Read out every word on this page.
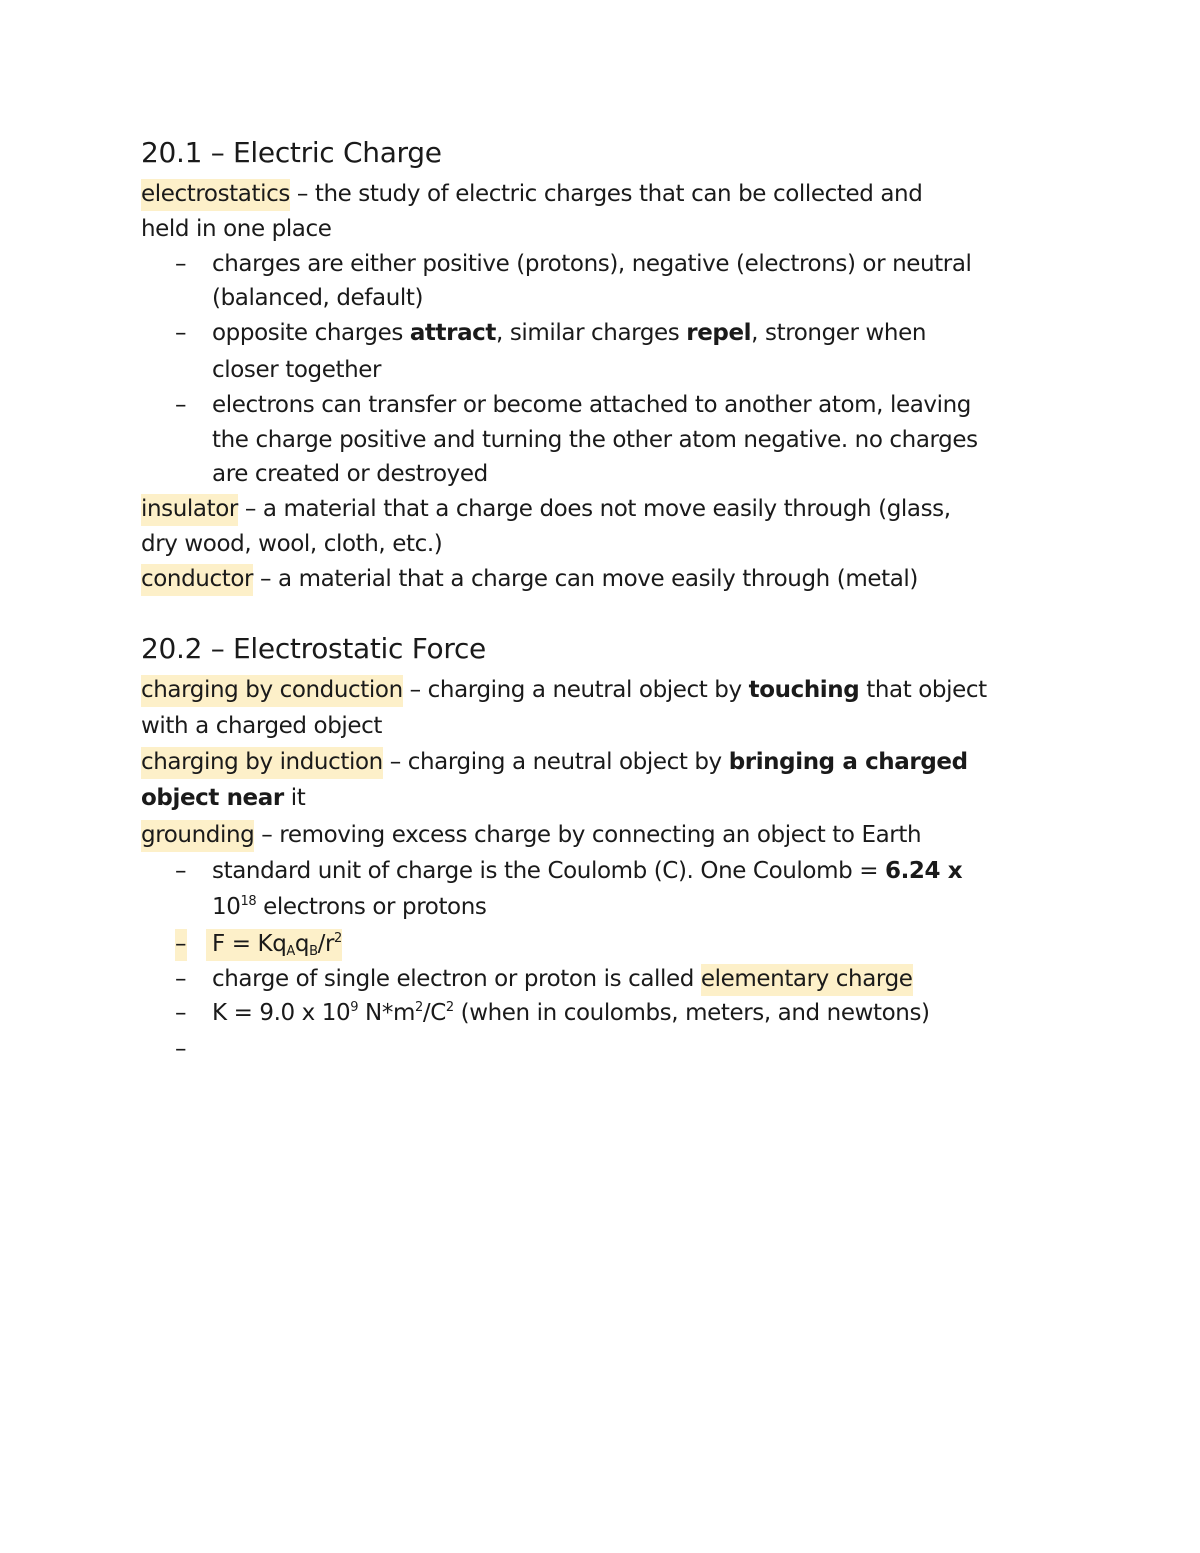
20.1 – Electric Charge
electrostatics – the study of electric charges that can be collected and
held in one place
– charges are either positive (protons), negative (electrons) or neutral
(balanced, default)
– opposite charges attract, similar charges repel, stronger when
closer together
– electrons can transfer or become attached to another atom, leaving
the charge positive and turning the other atom negative. no charges
are created or destroyed
insulator – a material that a charge does not move easily through (glass,
dry wood, wool, cloth, etc.)
conductor – a material that a charge can move easily through (metal)
20.2 – Electrostatic Force
charging by conduction – charging a neutral object by touching that object
with a charged object
charging by induction – charging a neutral object by bringing a charged
object near it
grounding – removing excess charge by connecting an object to Earth
– standard unit of charge is the Coulomb (C). One Coulomb = 6.24 x
$10^{18}$ electrons or protons
– $F = Kq_Aq_B/r^2$
– charge of single electron or proton is called elementary charge
– K = 9.0 x $10^9$ $N*m^2/C^2$ (when in coulombs, meters, and newtons)
–
